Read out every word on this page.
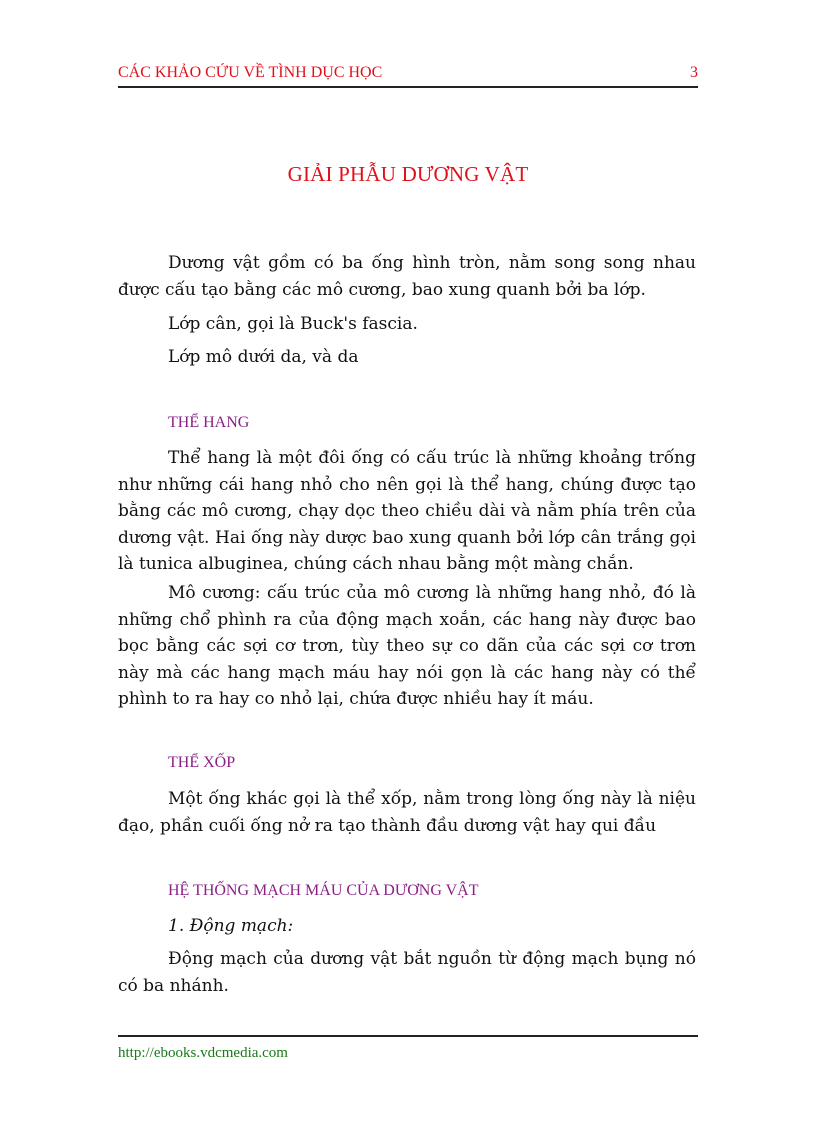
CÁC KHẢO CỨU VỀ TÌNH DỤC HỌC	3
GIẢI PHẪU DƯƠNG VẬT
Dương vật gồm có ba ống hình tròn, nằm song song nhau được cấu tạo bằng các mô cương, bao xung quanh bởi ba lớp.
Lớp cân, gọi là Buck's fascia.
Lớp mô dưới da, và da
THỂ HANG
Thể hang là một đôi ống có cấu trúc là những khoảng trống như những cái hang nhỏ cho nên gọi là thể hang, chúng được tạo bằng các mô cương, chạy dọc theo chiều dài và nằm phía trên của dương vật. Hai ống này dược bao xung quanh bởi lớp cân trắng gọi là tunica albuginea, chúng cách nhau bằng một màng chắn.
Mô cương: cấu trúc của mô cương là những hang nhỏ, đó là những chổ phình ra của động mạch xoắn, các hang này được bao bọc bằng các sợi cơ trơn, tùy theo sự co dãn của các sợi cơ trơn này mà các hang mạch máu hay nói gọn là các hang này có thể phình to ra hay co nhỏ lại, chứa được nhiều hay ít máu.
THỂ XỐP
Một ống khác gọi là thể xốp, nằm trong lòng ống này là niệu đạo, phần cuối ống nở ra tạo thành đầu dương vật hay qui đầu
HỆ THỐNG MẠCH MÁU CỦA DƯƠNG VẬT
1. Động mạch:
Động mạch của dương vật bắt nguồn từ động mạch bụng nó có ba nhánh.
http://ebooks.vdcmedia.com
